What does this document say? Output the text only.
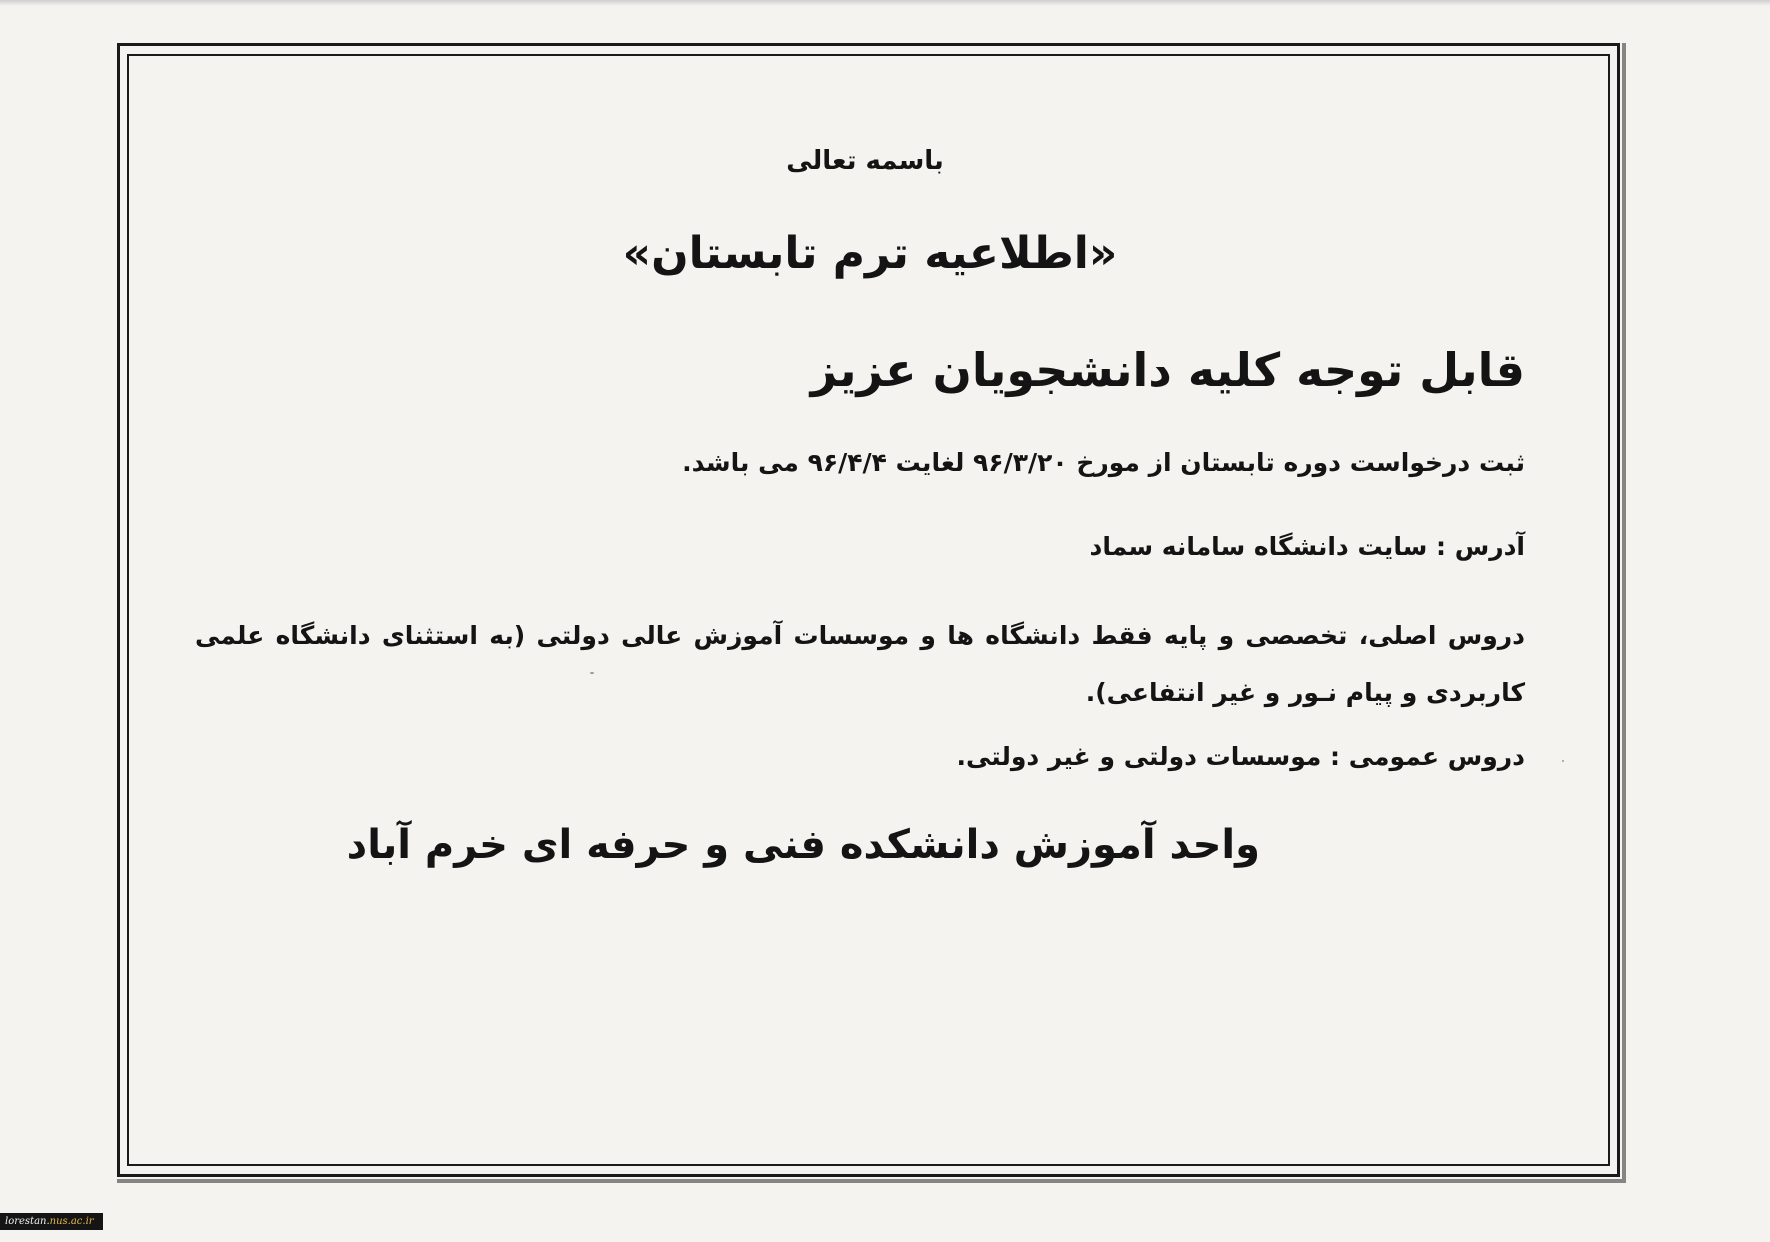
باسمه تعالی

«اطلاعیه ترم تابستان»

قابل توجه کلیه دانشجویان عزیز

ثبت درخواست دوره تابستان از مورخ ۹۶/۳/۲۰ لغایت ۹۶/۴/۴ می باشد.

آدرس : سایت دانشگاه سامانه سماد

دروس اصلی، تخصصی و پایه فقط دانشگاه ها و موسسات آموزش عالی دولتی (به استثنای دانشگاه علمی کاربردی و پیام نـور و غیر انتفاعی).

دروس عمومی : موسسات دولتی و غیر دولتی.

واحد آموزش دانشکده فنی و حرفه ای خرم آباد

lorestan.nus.ac.ir
